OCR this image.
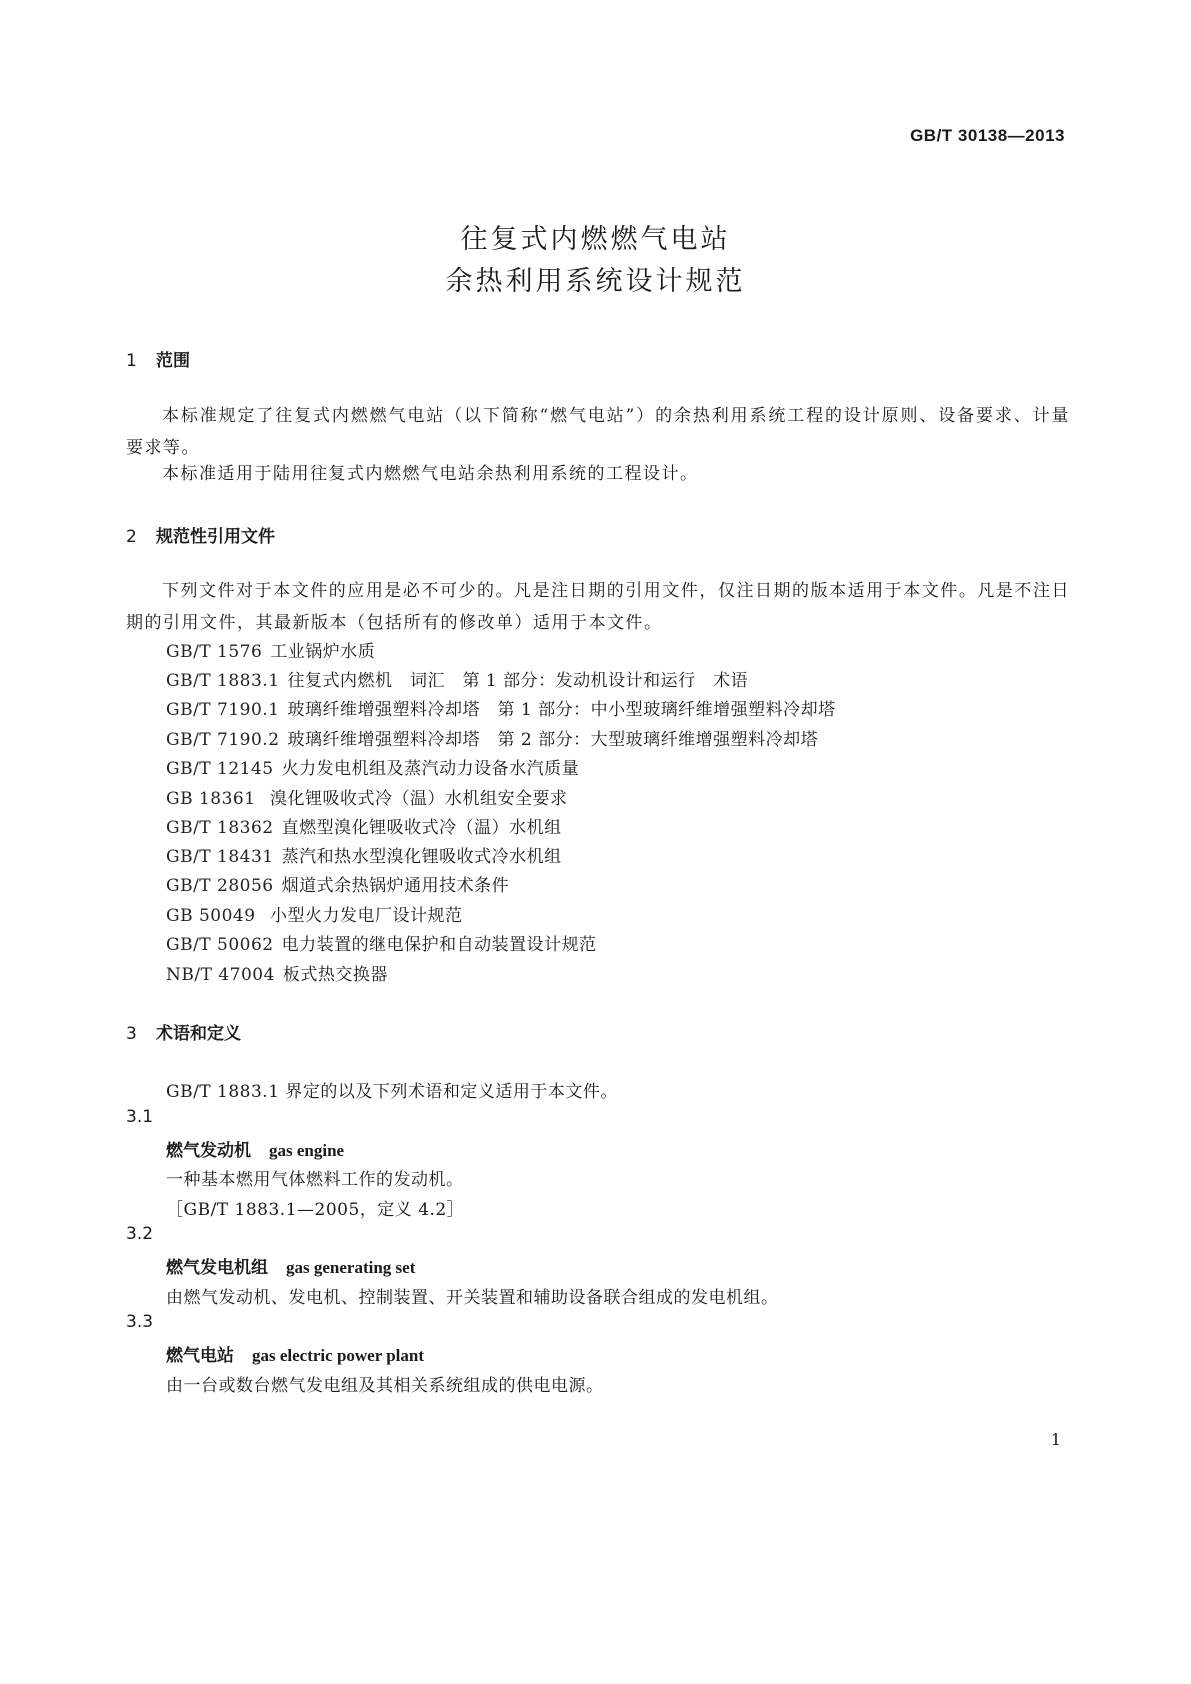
GB/T 30138—2013
往复式内燃燃气电站
余热利用系统设计规范
1 范围
本标准规定了往复式内燃燃气电站（以下简称“燃气电站”）的余热利用系统工程的设计原则、设备要求、计量要求等。
本标准适用于陆用往复式内燃燃气电站余热利用系统的工程设计。
2 规范性引用文件
下列文件对于本文件的应用是必不可少的。凡是注日期的引用文件，仅注日期的版本适用于本文件。凡是不注日期的引用文件，其最新版本（包括所有的修改单）适用于本文件。
GB/T 1576 工业锅炉水质
GB/T 1883.1 往复式内燃机　词汇　第 1 部分：发动机设计和运行　术语
GB/T 7190.1 玻璃纤维增强塑料冷却塔　第 1 部分：中小型玻璃纤维增强塑料冷却塔
GB/T 7190.2 玻璃纤维增强塑料冷却塔　第 2 部分：大型玻璃纤维增强塑料冷却塔
GB/T 12145 火力发电机组及蒸汽动力设备水汽质量
GB 18361 溴化锂吸收式冷（温）水机组安全要求
GB/T 18362 直燃型溴化锂吸收式冷（温）水机组
GB/T 18431 蒸汽和热水型溴化锂吸收式冷水机组
GB/T 28056 烟道式余热锅炉通用技术条件
GB 50049 小型火力发电厂设计规范
GB/T 50062 电力装置的继电保护和自动装置设计规范
NB/T 47004 板式热交换器
3 术语和定义
GB/T 1883.1 界定的以及下列术语和定义适用于本文件。
3.1
燃气发动机 gas engine
一种基本燃用气体燃料工作的发动机。
［GB/T 1883.1—2005，定义 4.2］
3.2
燃气发电机组 gas generating set
由燃气发动机、发电机、控制装置、开关装置和辅助设备联合组成的发电机组。
3.3
燃气电站 gas electric power plant
由一台或数台燃气发电组及其相关系统组成的供电电源。
1
